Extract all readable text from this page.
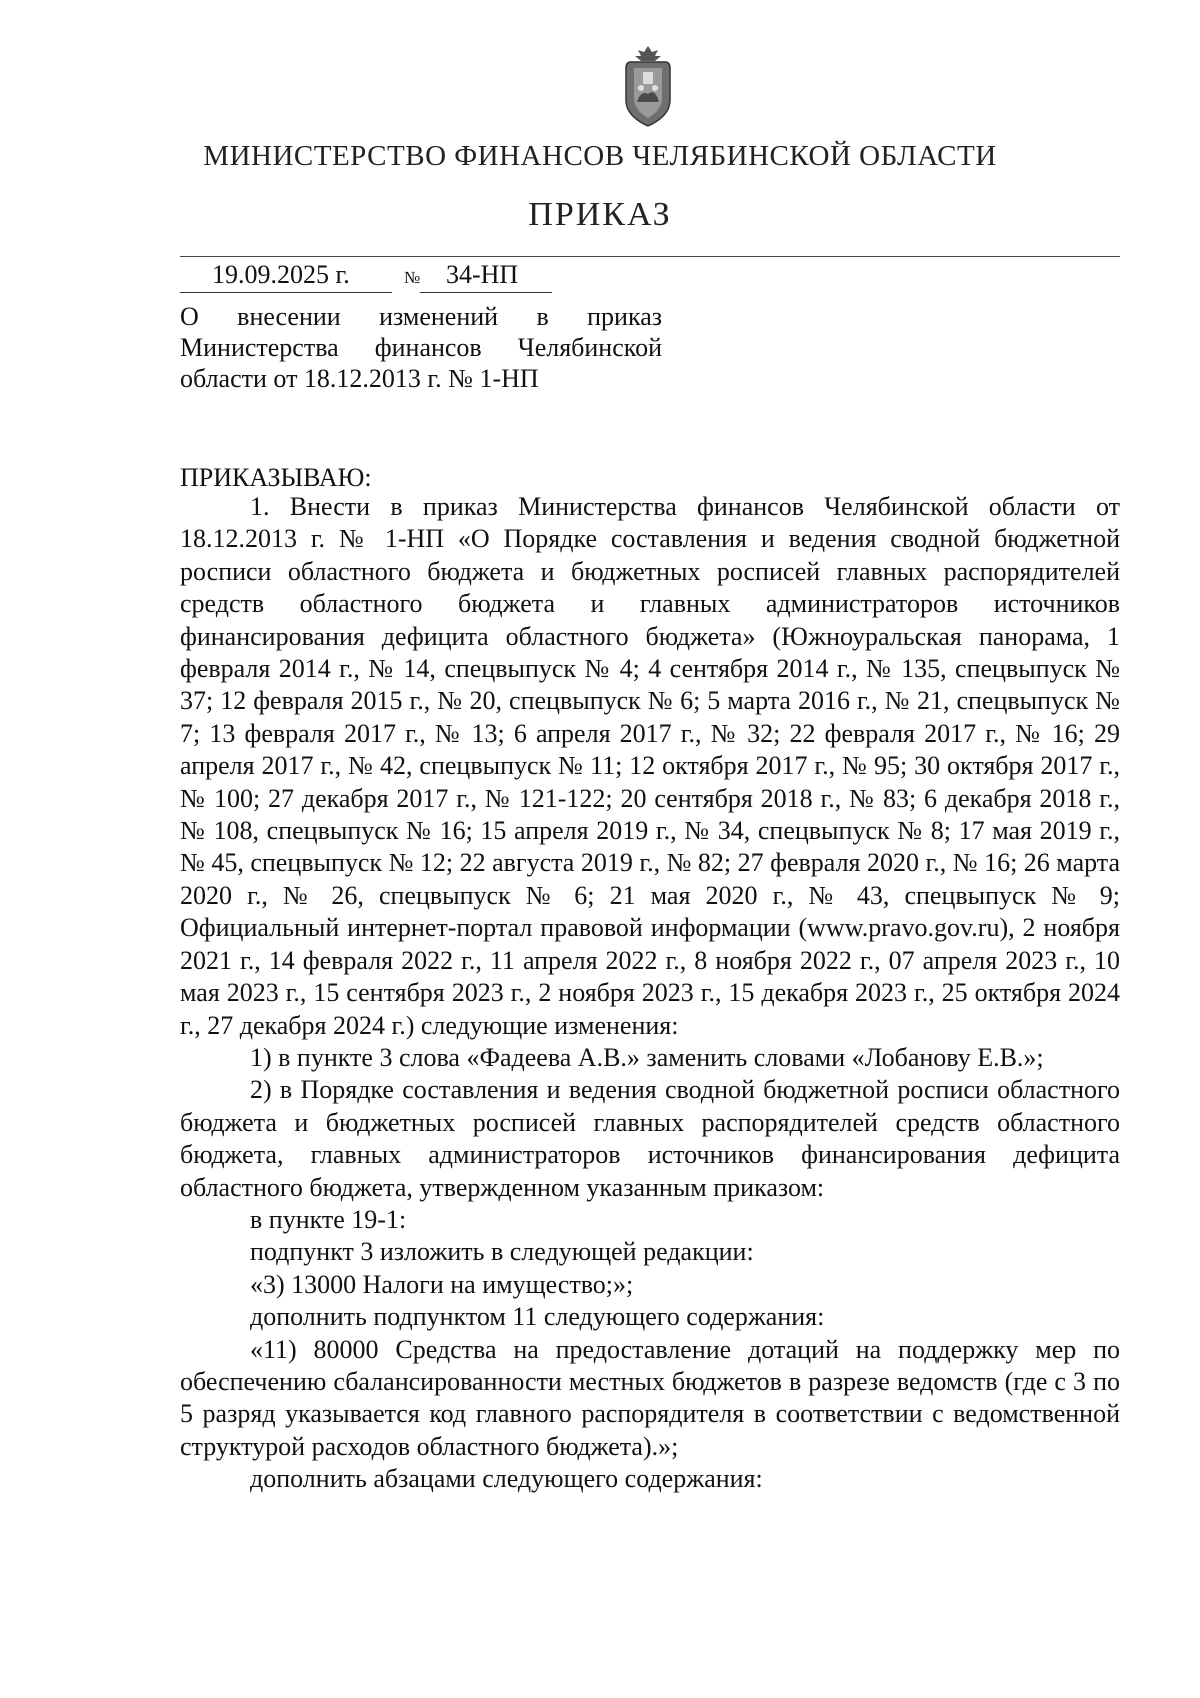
МИНИСТЕРСТВО ФИНАНСОВ ЧЕЛЯБИНСКОЙ ОБЛАСТИ
ПРИКАЗ
19.09.2025 г.	№ 34-НП
О внесении изменений в приказ Министерства финансов Челябинской области от 18.12.2013 г. № 1-НП
ПРИКАЗЫВАЮ:

1. Внести в приказ Министерства финансов Челябинской области от 18.12.2013 г. № 1-НП «О Порядке составления и ведения сводной бюджетной росписи областного бюджета и бюджетных росписей главных распорядителей средств областного бюджета и главных администраторов источников финансирования дефицита областного бюджета» (Южноуральская панорама, 1 февраля 2014 г., № 14, спецвыпуск № 4; 4 сентября 2014 г., № 135, спецвыпуск № 37; 12 февраля 2015 г., № 20, спецвыпуск № 6; 5 марта 2016 г., № 21, спецвыпуск № 7; 13 февраля 2017 г., № 13; 6 апреля 2017 г., № 32; 22 февраля 2017 г., № 16; 29 апреля 2017 г., № 42, спецвыпуск № 11; 12 октября 2017 г., № 95; 30 октября 2017 г., № 100; 27 декабря 2017 г., № 121-122; 20 сентября 2018 г., № 83; 6 декабря 2018 г., № 108, спецвыпуск № 16; 15 апреля 2019 г., № 34, спецвыпуск № 8; 17 мая 2019 г., № 45, спецвыпуск № 12; 22 августа 2019 г., № 82; 27 февраля 2020 г., № 16; 26 марта 2020 г., № 26, спецвыпуск № 6; 21 мая 2020 г., № 43, спецвыпуск № 9; Официальный интернет-портал правовой информации (www.pravo.gov.ru), 2 ноября 2021 г., 14 февраля 2022 г., 11 апреля 2022 г., 8 ноября 2022 г., 07 апреля 2023 г., 10 мая 2023 г., 15 сентября 2023 г., 2 ноября 2023 г., 15 декабря 2023 г., 25 октября 2024 г., 27 декабря 2024 г.) следующие изменения:

1) в пункте 3 слова «Фадеева А.В.» заменить словами «Лобанову Е.В.»;

2) в Порядке составления и ведения сводной бюджетной росписи областного бюджета и бюджетных росписей главных распорядителей средств областного бюджета, главных администраторов источников финансирования дефицита областного бюджета, утвержденном указанным приказом:

в пункте 19-1:

подпункт 3 изложить в следующей редакции:

«3) 13000 Налоги на имущество;»;

дополнить подпунктом 11 следующего содержания:

«11) 80000 Средства на предоставление дотаций на поддержку мер по обеспечению сбалансированности местных бюджетов в разрезе ведомств (где с 3 по 5 разряд указывается код главного распорядителя в соответствии с ведомственной структурой расходов областного бюджета).»;

дополнить абзацами следующего содержания:
